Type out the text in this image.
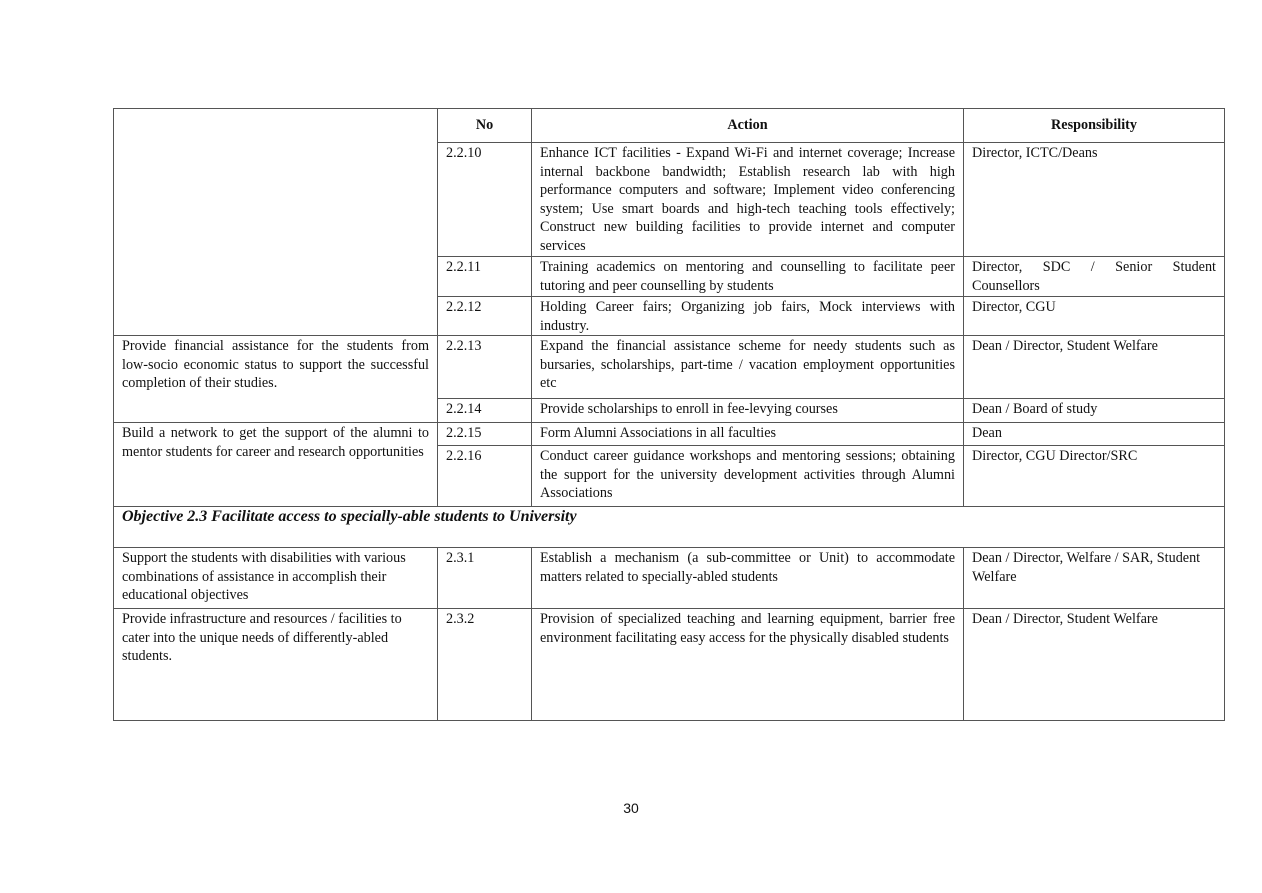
	No	Action	Responsibility
	2.2.10	Enhance ICT facilities - Expand Wi-Fi and internet coverage; Increase internal backbone bandwidth; Establish research lab with high performance computers and software; Implement video conferencing system; Use smart boards and high-tech teaching tools effectively; Construct new building facilities to provide internet and computer services	Director, ICTC/Deans
	2.2.11	Training academics on mentoring and counselling to facilitate peer tutoring and peer counselling by students	Director, SDC / Senior Student Counsellors
	2.2.12	Holding Career fairs; Organizing job fairs, Mock interviews with industry.	Director, CGU
Provide financial assistance for the students from low-socio economic status to support the successful completion of their studies.	2.2.13	Expand the financial assistance scheme for needy students such as bursaries, scholarships, part-time / vacation employment opportunities etc	Dean / Director, Student Welfare
	2.2.14	Provide scholarships to enroll in fee-levying courses	Dean / Board of study
Build a network to get the support of the alumni to mentor students for career and research opportunities	2.2.15	Form Alumni Associations in all faculties	Dean
	2.2.16	Conduct career guidance workshops and mentoring sessions; obtaining the support for the university development activities through Alumni Associations	Director, CGU Director/SRC
Objective 2.3 Facilitate access to specially-able students to University			
Support the students with disabilities with various combinations of assistance in accomplish their educational objectives	2.3.1	Establish a mechanism (a sub-committee or Unit) to accommodate matters related to specially-abled students	Dean / Director, Welfare / SAR, Student Welfare
Provide infrastructure and resources / facilities to cater into the unique needs of differently-abled students.	2.3.2	Provision of specialized teaching and learning equipment, barrier free environment facilitating easy access for the physically disabled students	Dean / Director, Student Welfare
30
